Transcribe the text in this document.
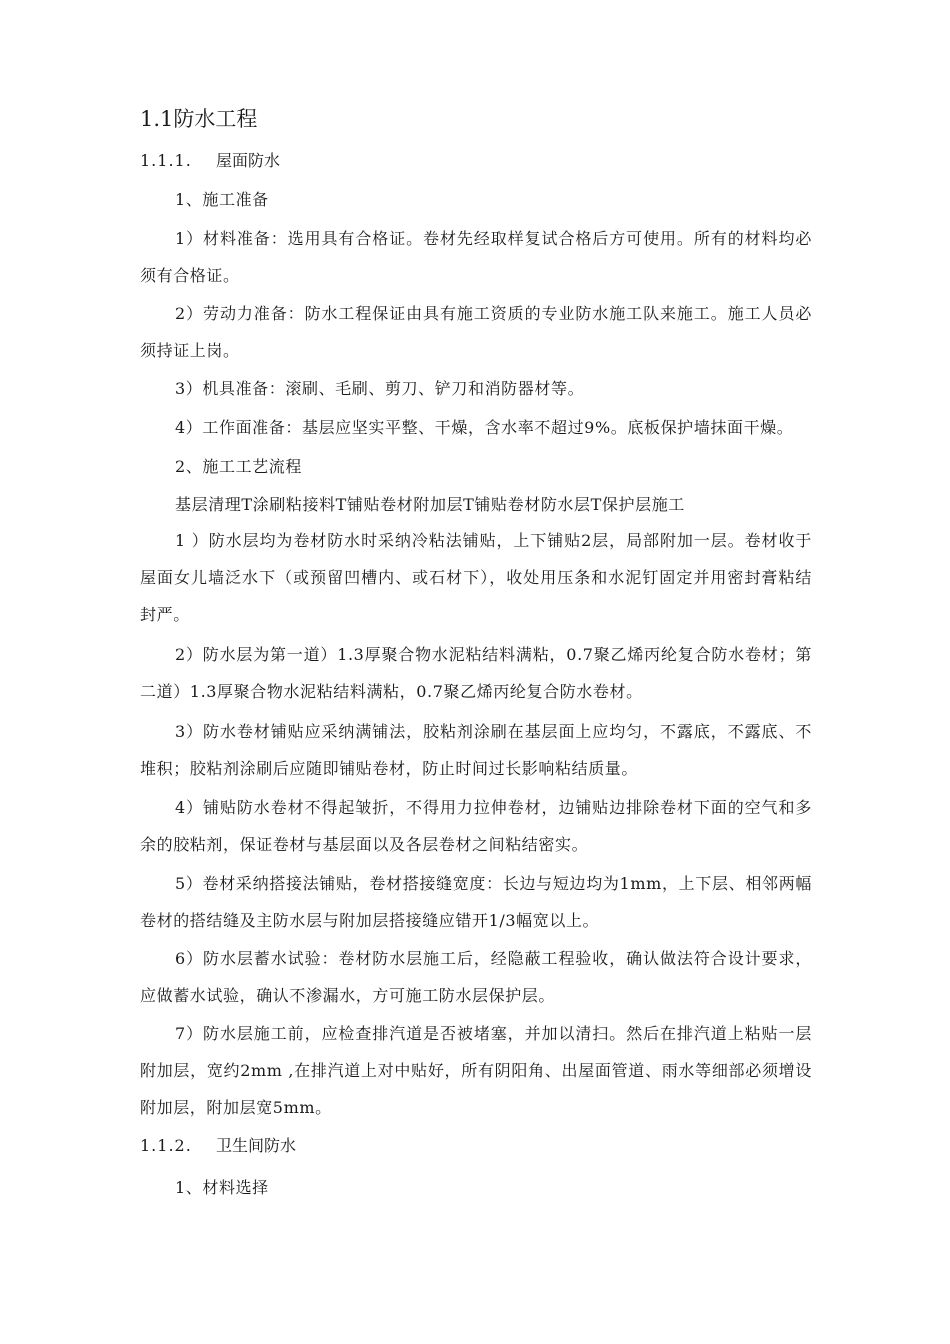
1.1防水工程
1.1.1. 屋面防水
1、施工准备
1）材料准备：选用具有合格证。卷材先经取样复试合格后方可使用。所有的材料均必须有合格证。
2）劳动力准备：防水工程保证由具有施工资质的专业防水施工队来施工。施工人员必须持证上岗。
3）机具准备：滚刷、毛刷、剪刀、铲刀和消防器材等。
4）工作面准备：基层应坚实平整、干燥，含水率不超过9%。底板保护墙抹面干燥。
2、施工工艺流程
基层清理T涂刷粘接料T铺贴卷材附加层T铺贴卷材防水层T保护层施工
1 ）防水层均为卷材防水时采纳冷粘法铺贴，上下铺贴2层，局部附加一层。卷材收于屋面女儿墙泛水下（或预留凹槽内、或石材下），收处用压条和水泥钉固定并用密封膏粘结封严。
2）防水层为第一道）1.3厚聚合物水泥粘结料满粘，0.7聚乙烯丙纶复合防水卷材；第二道）1.3厚聚合物水泥粘结料满粘，0.7聚乙烯丙纶复合防水卷材。
3）防水卷材铺贴应采纳满铺法，胶粘剂涂刷在基层面上应均匀，不露底，不露底、不堆积；胶粘剂涂刷后应随即铺贴卷材，防止时间过长影响粘结质量。
4）铺贴防水卷材不得起皱折，不得用力拉伸卷材，边铺贴边排除卷材下面的空气和多余的胶粘剂，保证卷材与基层面以及各层卷材之间粘结密实。
5）卷材采纳搭接法铺贴，卷材搭接缝宽度：长边与短边均为1mm，上下层、相邻两幅卷材的搭结缝及主防水层与附加层搭接缝应错开1/3幅宽以上。
6）防水层蓄水试验：卷材防水层施工后，经隐蔽工程验收，确认做法符合设计要求，应做蓄水试验，确认不渗漏水，方可施工防水层保护层。
7）防水层施工前，应检查排汽道是否被堵塞，并加以清扫。然后在排汽道上粘贴一层附加层，宽约2mm ,在排汽道上对中贴好，所有阴阳角、出屋面管道、雨水等细部必须增设附加层，附加层宽5mm。
1.1.2. 卫生间防水
1、材料选择
